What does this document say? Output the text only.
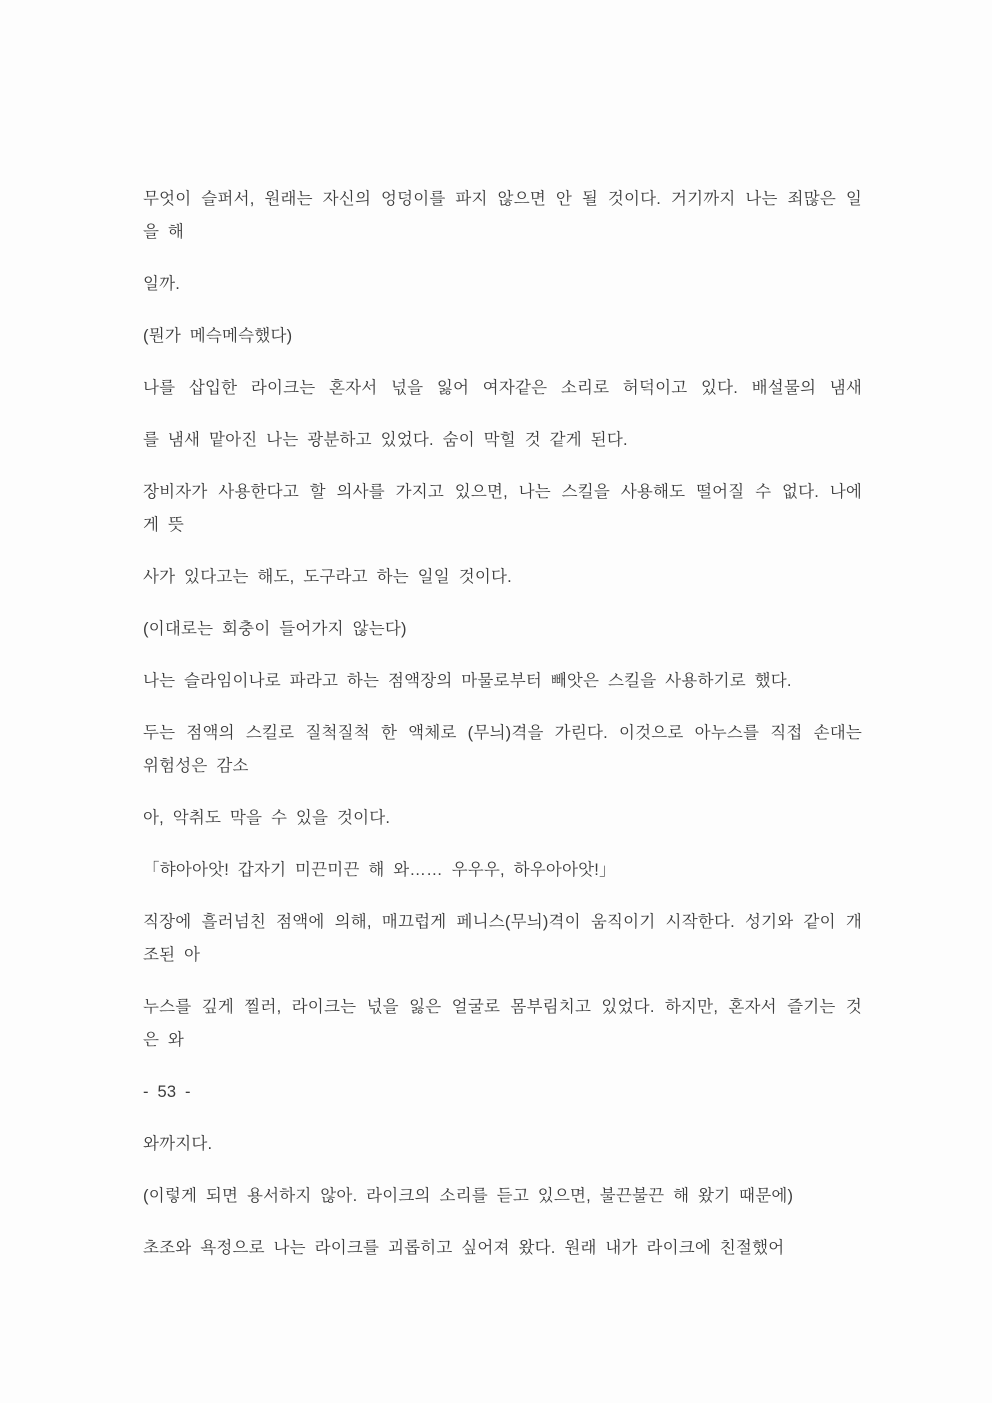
무엇이 슬퍼서, 원래는 자신의 엉덩이를 파지 않으면 안 될 것이다. 거기까지 나는 죄많은 일
을 해
일까.
(뭔가 메슥메슥했다)
나를 삽입한 라이크는 혼자서 넋을 잃어 여자같은 소리로 허덕이고 있다. 배설물의 냄새
를 냄새 맡아진 나는 광분하고 있었다. 숨이 막힐 것 같게 된다.
장비자가 사용한다고 할 의사를 가지고 있으면, 나는 스킬을 사용해도 떨어질 수 없다. 나에
게 뜻
사가 있다고는 해도, 도구라고 하는 일일 것이다.
(이대로는 회충이 들어가지 않는다)
나는 슬라임이나로 파라고 하는 점액장의 마물로부터 빼앗은 스킬을 사용하기로 했다.
두는 점액의 스킬로 질척질척 한 액체로 (무늬)격을 가린다. 이것으로 아누스를 직접 손대는
위험성은 감소
아, 악취도 막을 수 있을 것이다.
「햐아아앗! 갑자기 미끈미끈 해 와…… 우우우, 하우아아앗!」
직장에 흘러넘친 점액에 의해, 매끄럽게 페니스(무늬)격이 움직이기 시작한다. 성기와 같이 개
조된 아
누스를 깊게 찔러, 라이크는 넋을 잃은 얼굴로 몸부림치고 있었다. 하지만, 혼자서 즐기는 것
은 와
- 53 -
와까지다.
(이렇게 되면 용서하지 않아. 라이크의 소리를 듣고 있으면, 불끈불끈 해 왔기 때문에)
초조와 욕정으로 나는 라이크를 괴롭히고 싶어져 왔다. 원래 내가 라이크에 친절했어
